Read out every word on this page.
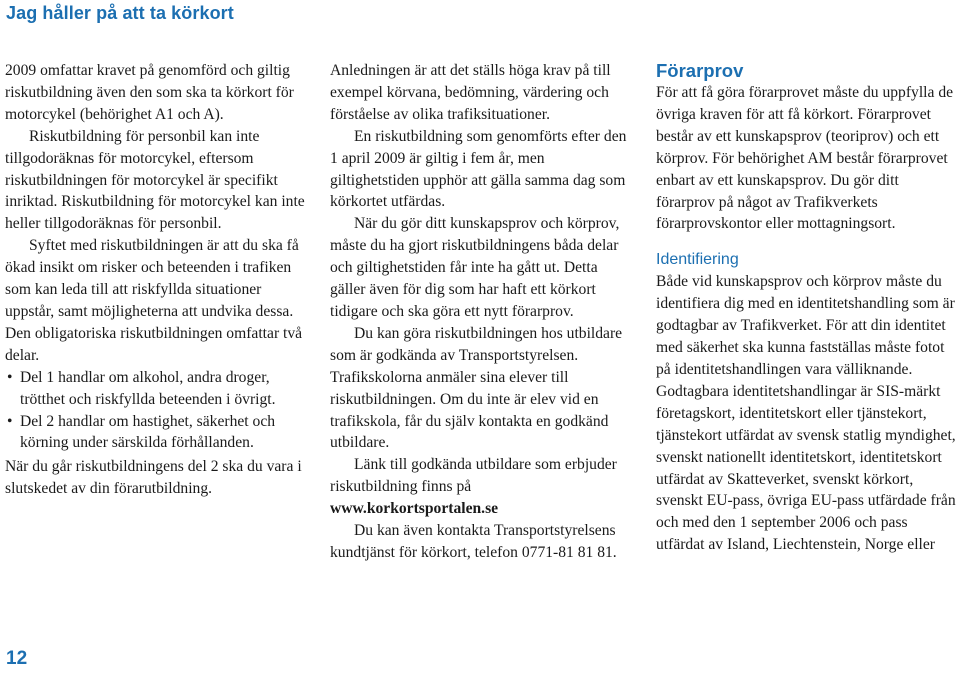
Jag håller på att ta körkort

2009 omfattar kravet på genomförd och giltig riskutbildning även den som ska ta körkort för motorcykel (behörighet A1 och A).

Riskutbildning för personbil kan inte tillgodoräknas för motorcykel, eftersom riskutbildningen för motorcykel är specifikt inriktad. Riskutbildning för motorcykel kan inte heller tillgodoräknas för personbil.

Syftet med riskutbildningen är att du ska få ökad insikt om risker och beteenden i trafiken som kan leda till att riskfyllda situationer uppstår, samt möjligheterna att undvika dessa.

Den obligatoriska riskutbildningen omfattar två delar.

• Del 1 handlar om alkohol, andra droger, trötthet och riskfyllda beteenden i övrigt.
• Del 2 handlar om hastighet, säkerhet och körning under särskilda förhållanden.

När du går riskutbildningens del 2 ska du vara i slutskedet av din förarutbildning.

Anledningen är att det ställs höga krav på till exempel körvana, bedömning, värdering och förståelse av olika trafiksituationer.

En riskutbildning som genomförts efter den 1 april 2009 är giltig i fem år, men giltighetstiden upphör att gälla samma dag som körkortet utfärdas.

När du gör ditt kunskapsprov och körprov, måste du ha gjort riskutbildningens båda delar och giltighetstiden får inte ha gått ut. Detta gäller även för dig som har haft ett körkort tidigare och ska göra ett nytt förarprov.

Du kan göra riskutbildningen hos utbildare som är godkända av Transportstyrelsen. Trafikskolorna anmäler sina elever till riskutbildningen. Om du inte är elev vid en trafikskola, får du själv kontakta en godkänd utbildare.

Länk till godkända utbildare som erbjuder riskutbildning finns på

www.korkortsportalen.se

Du kan även kontakta Transportstyrelsens kundtjänst för körkort, telefon 0771-81 81 81.

Förarprov

För att få göra förarprovet måste du uppfylla de övriga kraven för att få körkort. Förarprovet består av ett kunskapsprov (teoriprov) och ett körprov. För behörighet AM består förarprovet enbart av ett kunskapsprov. Du gör ditt förarprov på något av Trafikverkets förarprovskontor eller mottagningsort.

Identifiering

Både vid kunskapsprov och körprov måste du identifiera dig med en identitetshandling som är godtagbar av Trafikverket. För att din identitet med säkerhet ska kunna fastställas måste fotot på identitetshandlingen vara välliknande.

Godtagbara identitetshandlingar är SIS-märkt företagskort, identitetskort eller tjänstekort, tjänstekort utfärdat av svensk statlig myndighet, svenskt nationellt identitetskort, identitetskort utfärdat av Skatteverket, svenskt körkort, svenskt EU-pass, övriga EU-pass utfärdade från och med den 1 september 2006 och pass utfärdat av Island, Liechtenstein, Norge eller

12
